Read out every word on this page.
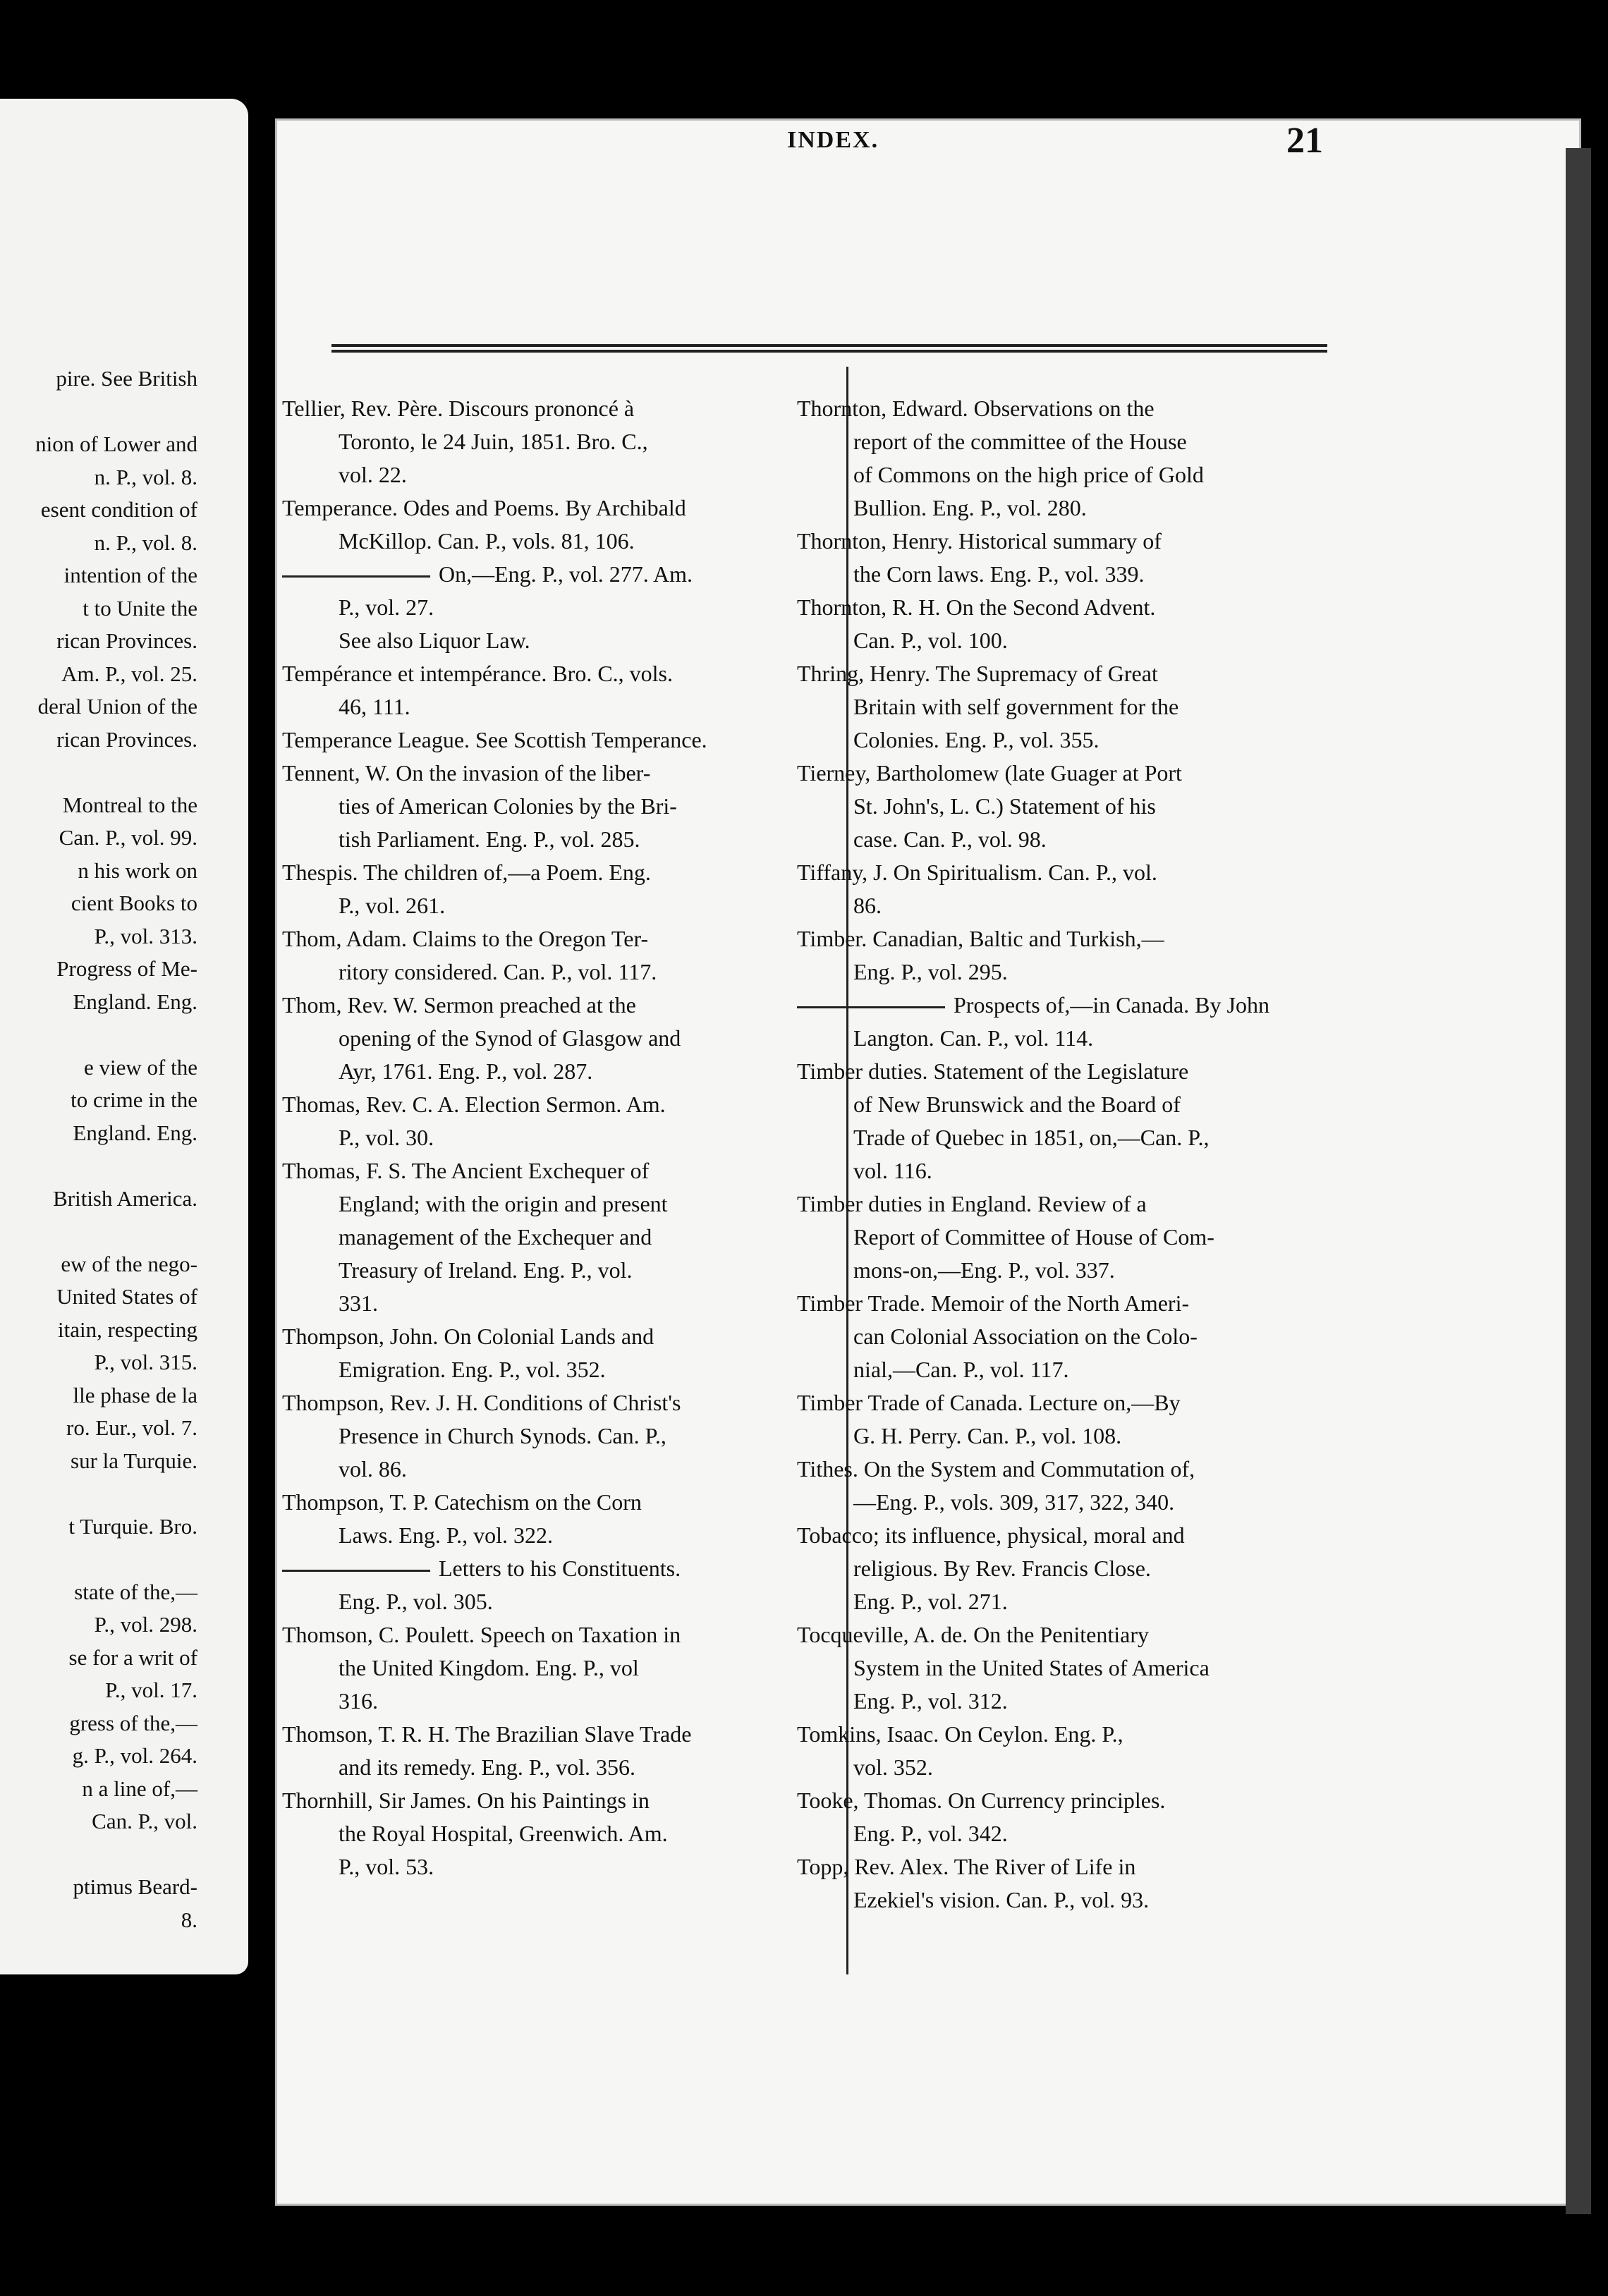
pire. See British
nion of Lower and
n. P., vol. 8.
esent condition of
n. P., vol. 8.
intention of the
t to Unite the
rican Provinces.
Am. P., vol. 25.
deral Union of the
rican Provinces.
Montreal to the
Can. P., vol. 99.
n his work on
cient Books to
P., vol. 313.
Progress of Me-
England. Eng.
e view of the
to crime in the
England. Eng.
British America.
ew of the nego-
United States of
itain, respecting
P., vol. 315.
lle phase de la
ro. Eur., vol. 7.
sur la Turquie.
t Turquie. Bro.
state of the,—
P., vol. 298.
se for a writ of
P., vol. 17.
gress of the,—
g. P., vol. 264.
n a line of,—
Can. P., vol.
ptimus Beard-
8.
INDEX.	21
Tellier, Rev. Père. Discours prononcé à
Toronto, le 24 Juin, 1851. Bro. C.,
vol. 22.
Temperance. Odes and Poems. By Archibald
McKillop. Can. P., vols. 81, 106.
On,—Eng. P., vol. 277. Am.
P., vol. 27.
See also Liquor Law.
Tempérance et intempérance. Bro. C., vols.
46, 111.
Temperance League. See Scottish Temperance.
Tennent, W. On the invasion of the liber-
ties of American Colonies by the Bri-
tish Parliament. Eng. P., vol. 285.
Thespis. The children of,—a Poem. Eng.
P., vol. 261.
Thom, Adam. Claims to the Oregon Ter-
ritory considered. Can. P., vol. 117.
Thom, Rev. W. Sermon preached at the
opening of the Synod of Glasgow and
Ayr, 1761. Eng. P., vol. 287.
Thomas, Rev. C. A. Election Sermon. Am.
P., vol. 30.
Thomas, F. S. The Ancient Exchequer of
England; with the origin and present
management of the Exchequer and
Treasury of Ireland. Eng. P., vol.
331.
Thompson, John. On Colonial Lands and
Emigration. Eng. P., vol. 352.
Thompson, Rev. J. H. Conditions of Christ's
Presence in Church Synods. Can. P.,
vol. 86.
Thompson, T. P. Catechism on the Corn
Laws. Eng. P., vol. 322.
Letters to his Constituents.
Eng. P., vol. 305.
Thomson, C. Poulett. Speech on Taxation in
the United Kingdom. Eng. P., vol
316.
Thomson, T. R. H. The Brazilian Slave Trade
and its remedy. Eng. P., vol. 356.
Thornhill, Sir James. On his Paintings in
the Royal Hospital, Greenwich. Am.
P., vol. 53.
Thornton, Edward. Observations on the
report of the committee of the House
of Commons on the high price of Gold
Bullion. Eng. P., vol. 280.
Thornton, Henry. Historical summary of
the Corn laws. Eng. P., vol. 339.
Thornton, R. H. On the Second Advent.
Can. P., vol. 100.
Thring, Henry. The Supremacy of Great
Britain with self government for the
Colonies. Eng. P., vol. 355.
Tierney, Bartholomew (late Guager at Port
St. John's, L. C.) Statement of his
case. Can. P., vol. 98.
Tiffany, J. On Spiritualism. Can. P., vol.
86.
Timber. Canadian, Baltic and Turkish,—
Eng. P., vol. 295.
Prospects of,—in Canada. By John
Langton. Can. P., vol. 114.
Timber duties. Statement of the Legislature
of New Brunswick and the Board of
Trade of Quebec in 1851, on,—Can. P.,
vol. 116.
Timber duties in England. Review of a
Report of Committee of House of Com-
mons-on,—Eng. P., vol. 337.
Timber Trade. Memoir of the North Ameri-
can Colonial Association on the Colo-
nial,—Can. P., vol. 117.
Timber Trade of Canada. Lecture on,—By
G. H. Perry. Can. P., vol. 108.
Tithes. On the System and Commutation of,
—Eng. P., vols. 309, 317, 322, 340.
Tobacco; its influence, physical, moral and
religious. By Rev. Francis Close.
Eng. P., vol. 271.
Tocqueville, A. de. On the Penitentiary
System in the United States of America
Eng. P., vol. 312.
Tomkins, Isaac. On Ceylon. Eng. P.,
vol. 352.
Tooke, Thomas. On Currency principles.
Eng. P., vol. 342.
Topp, Rev. Alex. The River of Life in
Ezekiel's vision. Can. P., vol. 93.
